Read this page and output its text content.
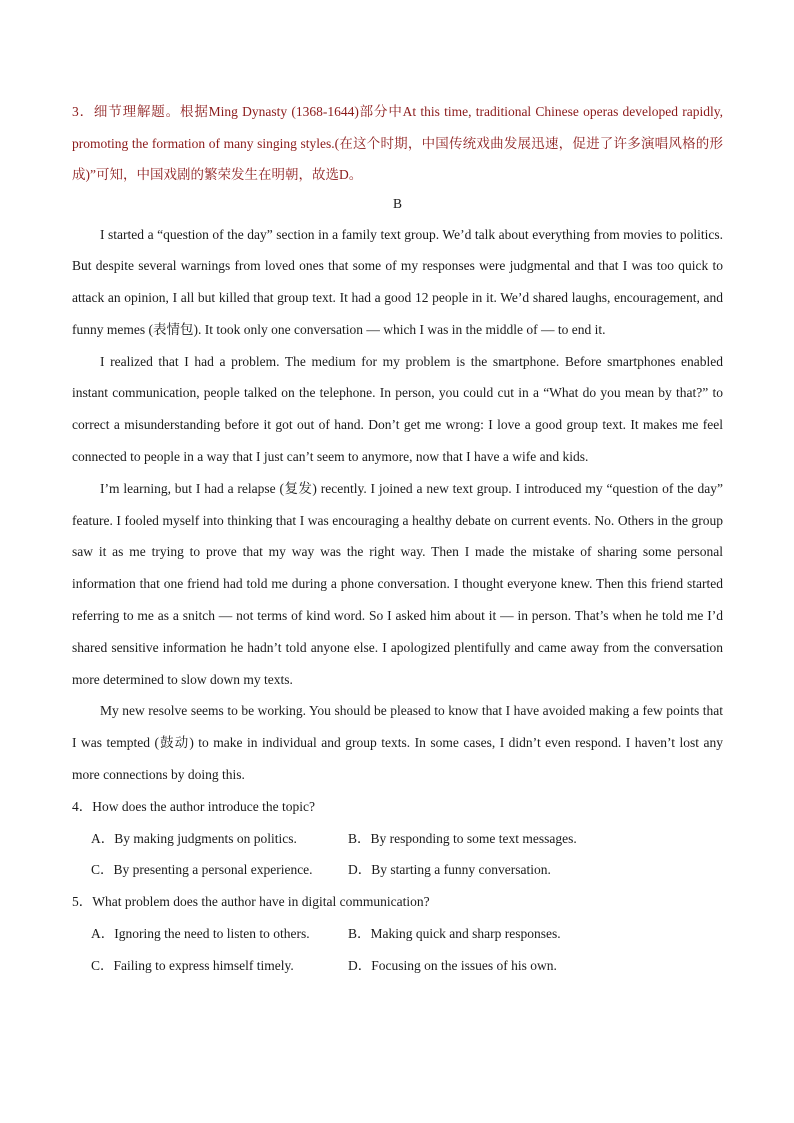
3．细节理解题。根据Ming Dynasty (1368-1644)部分中At this time, traditional Chinese operas developed rapidly, promoting the formation of many singing styles.(在这个时期，中国传统戏曲发展迅速，促进了许多演唱风格的形成)”可知，中国戏剧的繁荣发生在明朝，故选D。

B

I started a “question of the day” section in a family text group. We’d talk about everything from movies to politics. But despite several warnings from loved ones that some of my responses were judgmental and that I was too quick to attack an opinion, I all but killed that group text. It had a good 12 people in it. We’d shared laughs, encouragement, and funny memes (表情包). It took only one conversation — which I was in the middle of — to end it.

I realized that I had a problem. The medium for my problem is the smartphone. Before smartphones enabled instant communication, people talked on the telephone. In person, you could cut in a “What do you mean by that?” to correct a misunderstanding before it got out of hand. Don’t get me wrong: I love a good group text. It makes me feel connected to people in a way that I just can’t seem to anymore, now that I have a wife and kids.

I’m learning, but I had a relapse (复发) recently. I joined a new text group. I introduced my “question of the day” feature. I fooled myself into thinking that I was encouraging a healthy debate on current events. No. Others in the group saw it as me trying to prove that my way was the right way. Then I made the mistake of sharing some personal information that one friend had told me during a phone conversation. I thought everyone knew. Then this friend started referring to me as a snitch — not terms of kind word. So I asked him about it — in person. That’s when he told me I’d shared sensitive information he hadn’t told anyone else. I apologized plentifully and came away from the conversation more determined to slow down my texts.

My new resolve seems to be working. You should be pleased to know that I have avoided making a few points that I was tempted (鼓动) to make in individual and group texts. In some cases, I didn’t even respond. I haven’t lost any more connections by doing this.

4．How does the author introduce the topic?

A．By making judgments on politics.	B．By responding to some text messages.
C．By presenting a personal experience.	D．By starting a funny conversation.

5．What problem does the author have in digital communication?

A．Ignoring the need to listen to others.	B．Making quick and sharp responses.
C．Failing to express himself timely.	D．Focusing on the issues of his own.
